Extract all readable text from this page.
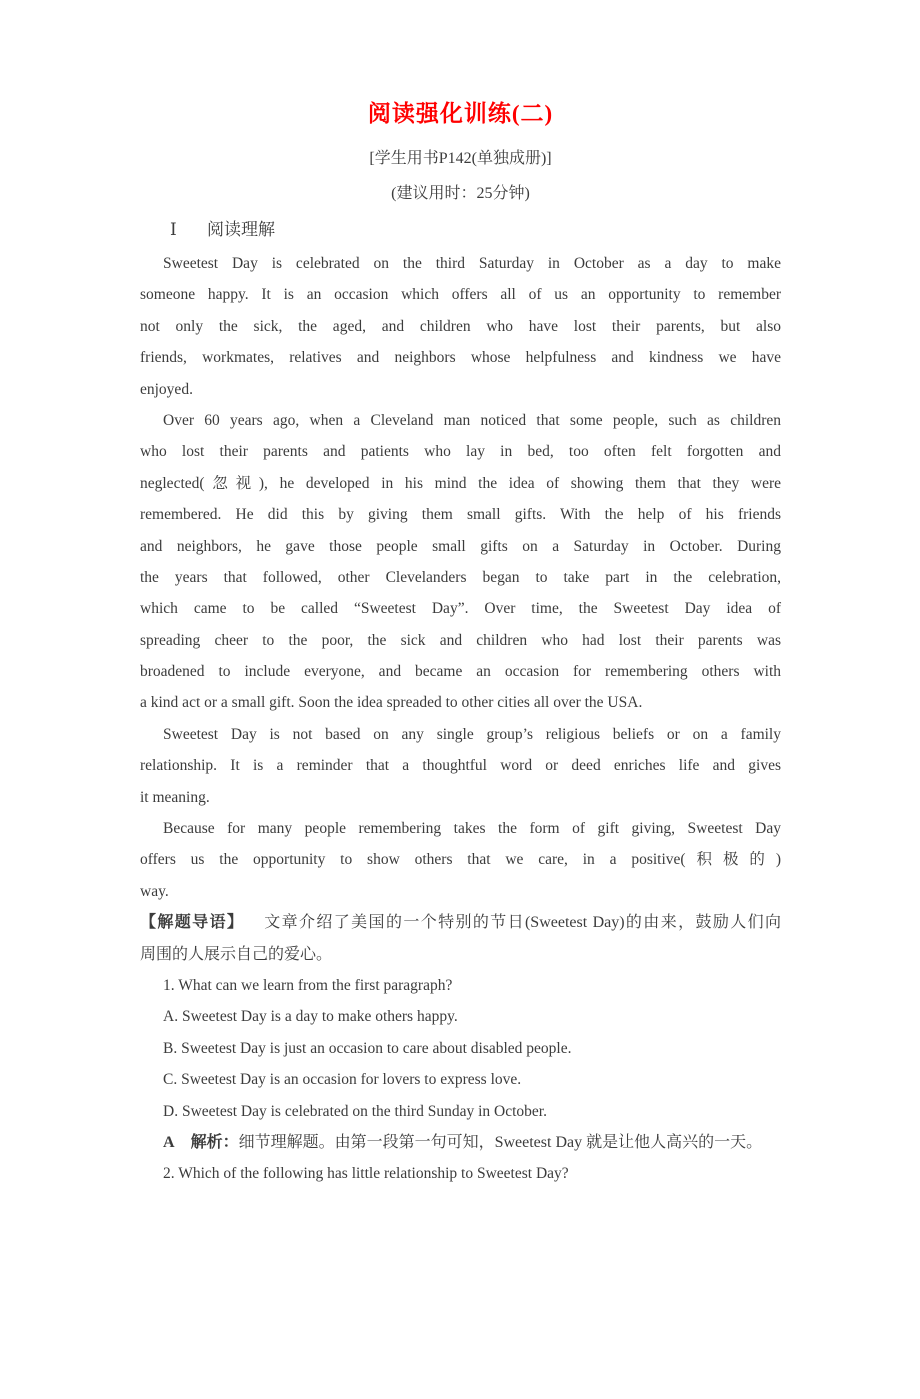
阅读强化训练(二)
[学生用书P142(单独成册)]
(建议用时：25分钟)
Ⅰ 阅读理解
Sweetest Day is celebrated on the third Saturday in October as a day to make
someone happy. It is an occasion which offers all of us an opportunity to remember
not only the sick, the aged, and children who have lost their parents, but also
friends, workmates, relatives and neighbors whose helpfulness and kindness we have
enjoyed.
Over 60 years ago, when a Cleveland man noticed that some people, such as children
who lost their parents and patients who lay in bed, too often felt forgotten and
neglected(忽视), he developed in his mind the idea of showing them that they were
remembered. He did this by giving them small gifts. With the help of his friends
and neighbors, he gave those people small gifts on a Saturday in October. During
the years that followed, other Clevelanders began to take part in the celebration,
which came to be called “Sweetest Day”. Over time, the Sweetest Day idea of
spreading cheer to the poor, the sick and children who had lost their parents was
broadened to include everyone, and became an occasion for remembering others with
a kind act or a small gift. Soon the idea spreaded to other cities all over the USA.
Sweetest Day is not based on any single group’s religious beliefs or on a family
relationship. It is a reminder that a thoughtful word or deed enriches life and gives
it meaning.
Because for many people remembering takes the form of gift giving, Sweetest Day
offers us the opportunity to show others that we care, in a positive(积极的)
way.
【解题导语】 文章介绍了美国的一个特别的节日(Sweetest Day)的由来，鼓励人们向
周围的人展示自己的爱心。
1. What can we learn from the first paragraph?
A. Sweetest Day is a day to make others happy.
B. Sweetest Day is just an occasion to care about disabled people.
C. Sweetest Day is an occasion for lovers to express love.
D. Sweetest Day is celebrated on the third Sunday in October.
A 解析：细节理解题。由第一段第一句可知，Sweetest Day 就是让他人高兴的一天。
2. Which of the following has little relationship to Sweetest Day?
